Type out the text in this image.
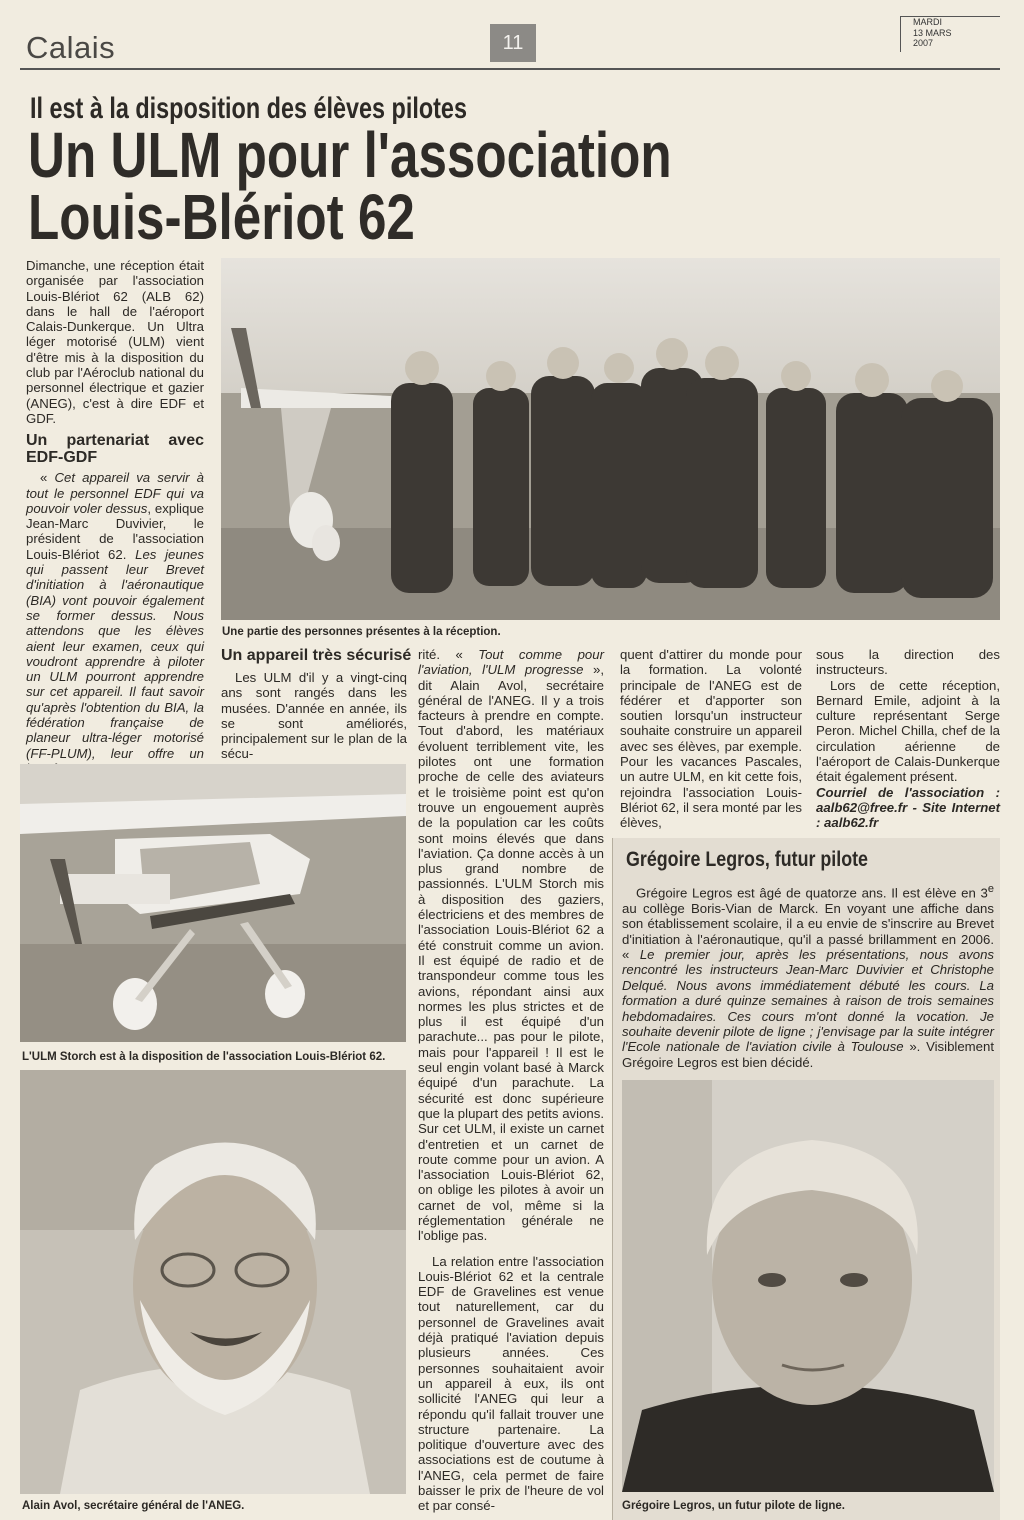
Calais	11
MARDI
13 MARS
2007
Il est à la disposition des élèves pilotes
Un ULM pour l'association
Louis-Blériot 62

Dimanche, une réception était organisée par l'association Louis-Blériot 62 (ALB 62) dans le hall de l'aéroport Calais-Dunkerque. Un Ultra léger motorisé (ULM) vient d'être mis à la disposition du club par l'Aéroclub national du personnel électrique et gazier (ANEG), c'est à dire EDF et GDF.

Un partenariat avec EDF-GDF

« Cet appareil va servir à tout le personnel EDF qui va pouvoir voler dessus, explique Jean-Marc Duvivier, le président de l'association Louis-Blériot 62. Les jeunes qui passent leur Brevet d'initiation à l'aéronautique (BIA) vont pouvoir également se former dessus. Nous attendons que les élèves aient leur examen, ceux qui voudront apprendre à piloter un ULM pourront apprendre sur cet appareil. Il faut savoir qu'après l'obtention du BIA, la fédération française de planeur ultra-léger motorisé (FF-PLUM), leur offre un

Une partie des personnes présentes à la réception.
Un appareil très sécurisé

Les ULM d'il y a vingt-cinq ans sont rangés dans les musées. D'année en année, ils se sont améliorés, principalement sur le plan de la sécu-

L'ULM Storch est à la disposition de l'association Louis-Blériot 62.
Alain Avol, secrétaire général de l'ANEG.

rité. « Tout comme pour l'aviation, l'ULM progresse », dit Alain Avol, secrétaire général de l'ANEG. Il y a trois facteurs à prendre en compte. Tout d'abord, les matériaux évoluent terriblement vite, les pilotes ont une formation proche de celle des aviateurs et le troisième point est qu'on trouve un engouement auprès de la population car les coûts sont moins élevés que dans l'aviation. Ça donne accès à un plus grand nombre de passionnés. L'ULM Storch mis à disposition des gaziers, électriciens et des membres de l'association Louis-Blériot 62 a été construit comme un avion. Il est équipé de radio et de transpondeur comme tous les avions, répondant ainsi aux normes les plus strictes et de plus il est équipé d'un parachute... pas pour le pilote, mais pour l'appareil ! Il est le seul engin volant basé à Marck équipé d'un parachute. La sécurité est donc supérieure que la plupart des petits avions. Sur cet ULM, il existe un carnet d'entretien et un carnet de route comme pour un avion. A l'association Louis-Blériot 62, on oblige les pilotes à avoir un carnet de vol, même si la réglementation générale ne l'oblige pas.

La relation entre l'association Louis-Blériot 62 et la centrale EDF de Gravelines est venue tout naturellement, car du personnel de Gravelines avait déjà pratiqué l'aviation depuis plusieurs années. Ces personnes souhaitaient avoir un appareil à eux, ils ont sollicité l'ANEG qui leur a répondu qu'il fallait trouver une structure partenaire. La politique d'ouverture avec des associations est de coutume à l'ANEG, cela permet de faire baisser le prix de l'heure de vol et par consé-

quent d'attirer du monde pour la formation. La volonté principale de l'ANEG est de fédérer et d'apporter son soutien lorsqu'un instructeur souhaite construire un appareil avec ses élèves, par exemple. Pour les vacances Pascales, un autre ULM, en kit cette fois, rejoindra l'association Louis-Blériot 62, il sera monté par les élèves,

sous la direction des instructeurs.

Lors de cette réception, Bernard Emile, adjoint à la culture représentant Serge Peron. Michel Chilla, chef de la circulation aérienne de l'aéroport de Calais-Dunkerque était également présent.

Courriel de l'association : aalb62@free.fr - Site Internet : aalb62.fr

Grégoire Legros, futur pilote

Grégoire Legros est âgé de quatorze ans. Il est élève en 3e au collège Boris-Vian de Marck. En voyant une affiche dans son établissement scolaire, il a eu envie de s'inscrire au Brevet d'initiation à l'aéronautique, qu'il a passé brillamment en 2006. « Le premier jour, après les présentations, nous avons rencontré les instructeurs Jean-Marc Duvivier et Christophe Delqué. Nous avons immédiatement débuté les cours. La formation a duré quinze semaines à raison de trois semaines hebdomadaires. Ces cours m'ont donné la vocation. Je souhaite devenir pilote de ligne ; j'envisage par la suite intégrer l'Ecole nationale de l'aviation civile à Toulouse ». Visiblement Grégoire Legros est bien décidé.

Grégoire Legros, un futur pilote de ligne.
